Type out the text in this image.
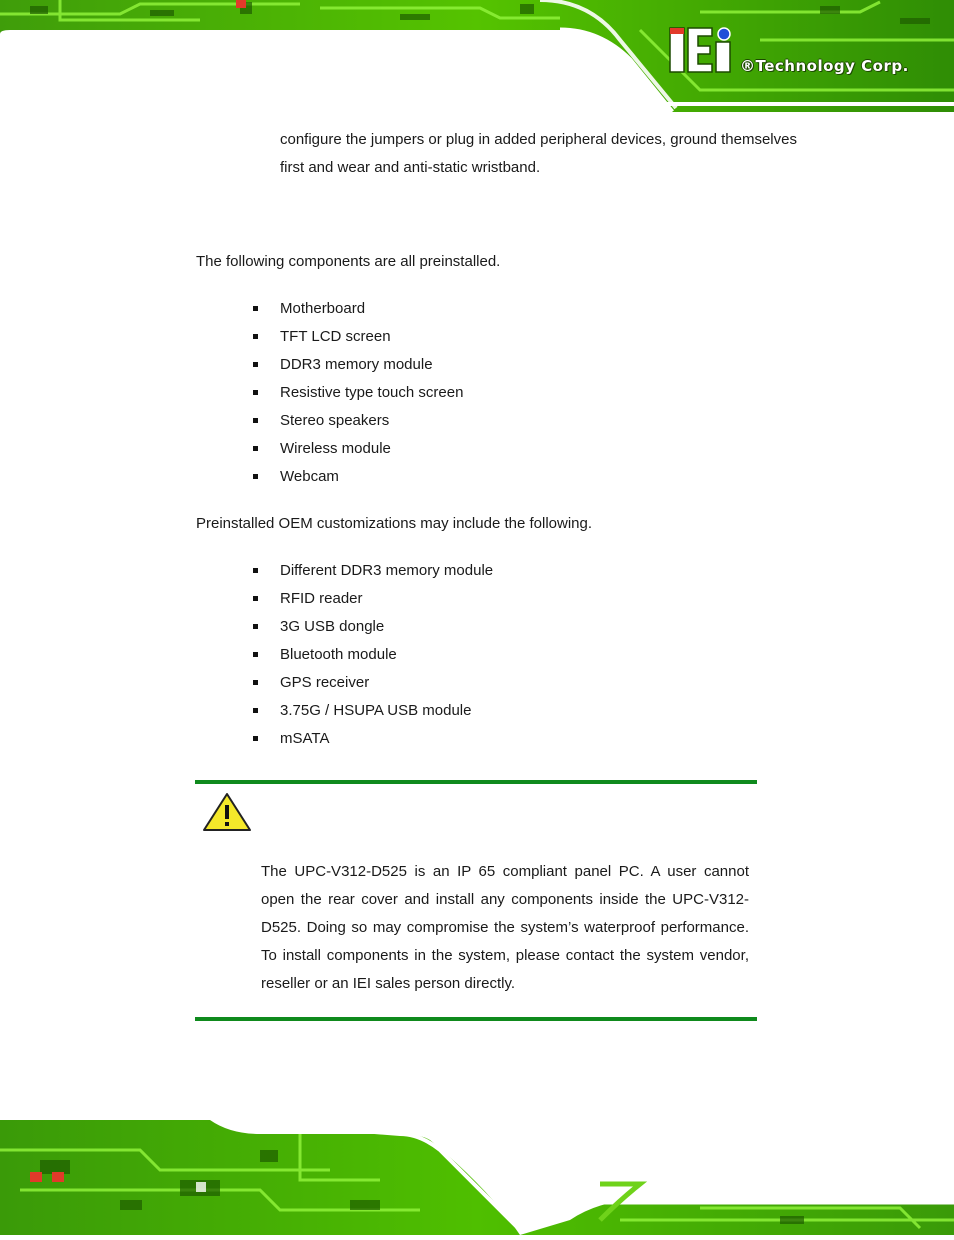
®Technology Corp.
configure the jumpers or plug in added peripheral devices, ground themselves
first and wear and anti-static wristband.
The following components are all preinstalled.
Motherboard
TFT LCD screen
DDR3 memory module
Resistive type touch screen
Stereo speakers
Wireless module
Webcam
Preinstalled OEM customizations may include the following.
Different DDR3 memory module
RFID reader
3G USB dongle
Bluetooth module
GPS receiver
3.75G / HSUPA USB module
mSATA
The UPC-V312-D525 is an IP 65 compliant panel PC. A user cannot open the rear cover and install any components inside the UPC-V312-D525. Doing so may compromise the system’s waterproof performance. To install components in the system, please contact the system vendor, reseller or an IEI sales person directly.
